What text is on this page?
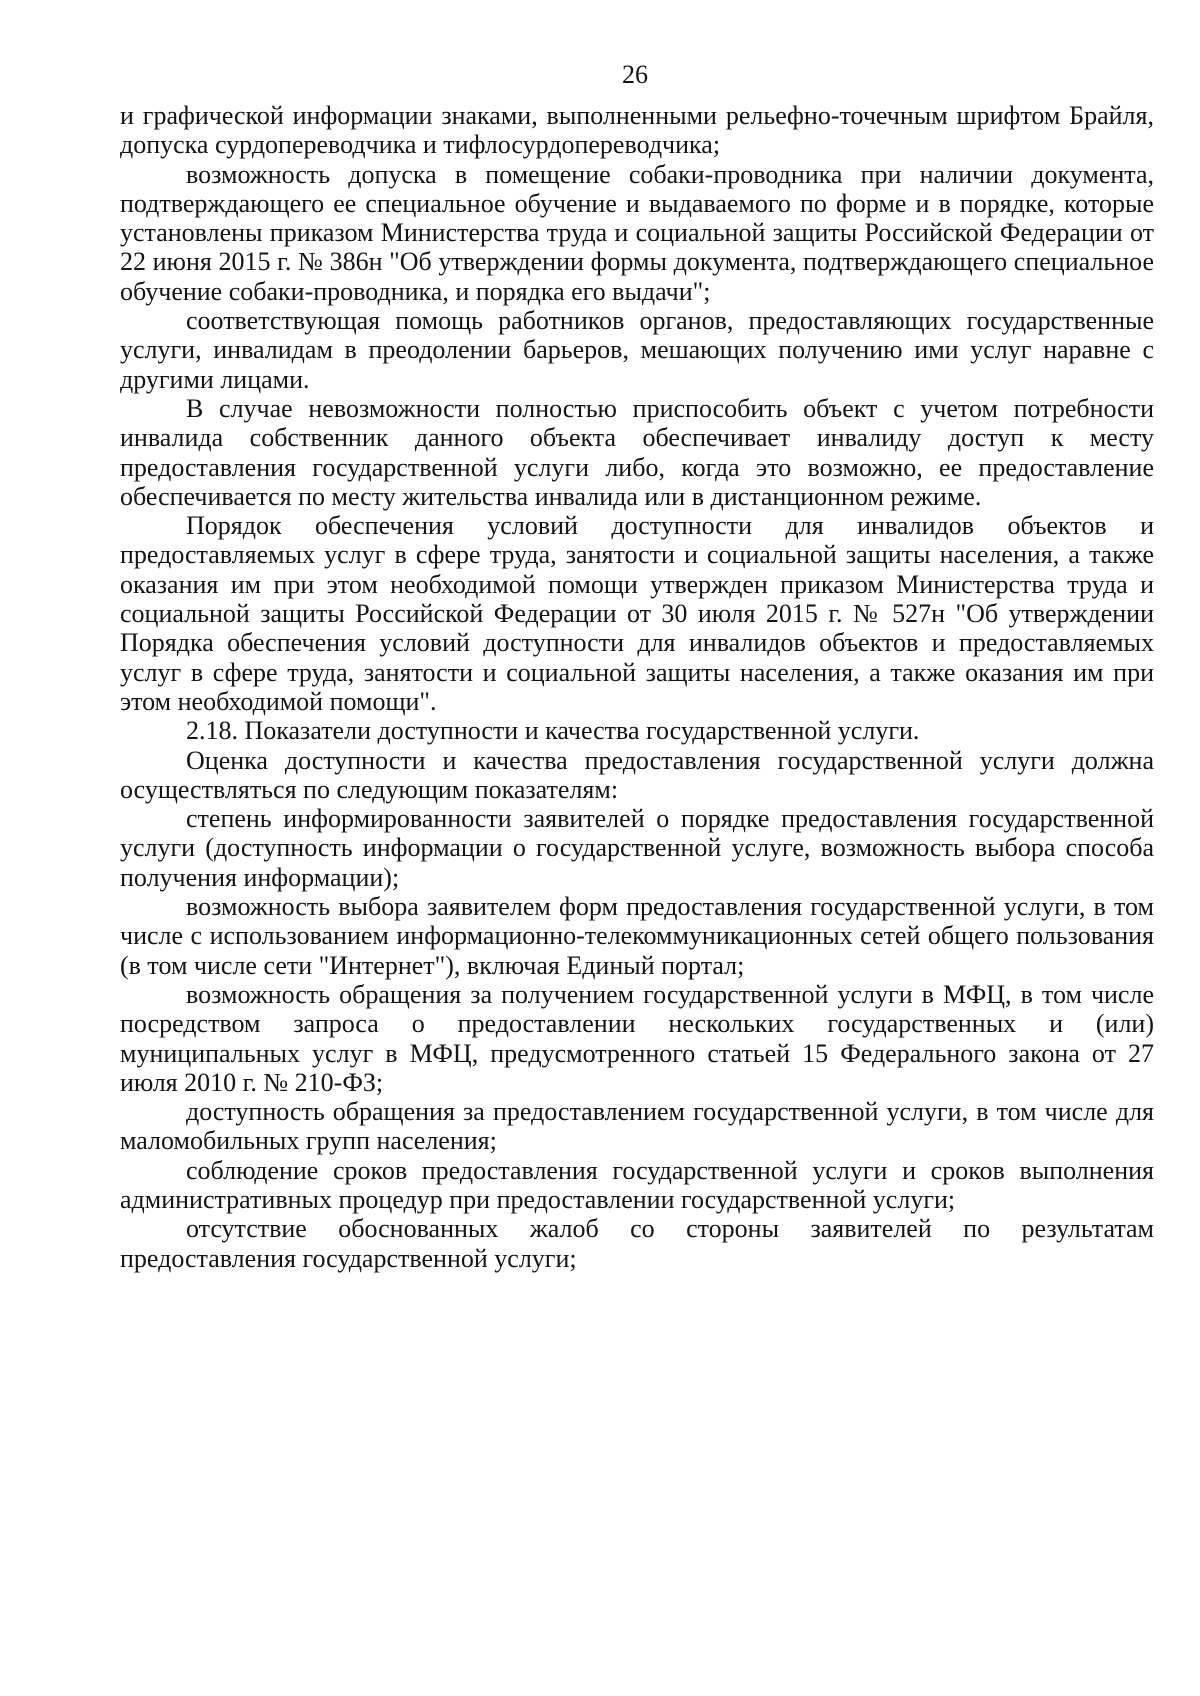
26

и графической информации знаками, выполненными рельефно-точечным шрифтом Брайля, допуска сурдопереводчика и тифлосурдопереводчика;

возможность допуска в помещение собаки-проводника при наличии документа, подтверждающего ее специальное обучение и выдаваемого по форме и в порядке, которые установлены приказом Министерства труда и социальной защиты Российской Федерации от 22 июня 2015 г. № 386н "Об утверждении формы документа, подтверждающего специальное обучение собаки-проводника, и порядка его выдачи";

соответствующая помощь работников органов, предоставляющих государственные услуги, инвалидам в преодолении барьеров, мешающих получению ими услуг наравне с другими лицами.

В случае невозможности полностью приспособить объект с учетом потребности инвалида собственник данного объекта обеспечивает инвалиду доступ к месту предоставления государственной услуги либо, когда это возможно, ее предоставление обеспечивается по месту жительства инвалида или в дистанционном режиме.

Порядок обеспечения условий доступности для инвалидов объектов и предоставляемых услуг в сфере труда, занятости и социальной защиты населения, а также оказания им при этом необходимой помощи утвержден приказом Министерства труда и социальной защиты Российской Федерации от 30 июля 2015 г. № 527н "Об утверждении Порядка обеспечения условий доступности для инвалидов объектов и предоставляемых услуг в сфере труда, занятости и социальной защиты населения, а также оказания им при этом необходимой помощи".

2.18. Показатели доступности и качества государственной услуги.

Оценка доступности и качества предоставления государственной услуги должна осуществляться по следующим показателям:

степень информированности заявителей о порядке предоставления государственной услуги (доступность информации о государственной услуге, возможность выбора способа получения информации);

возможность выбора заявителем форм предоставления государственной услуги, в том числе с использованием информационно-телекоммуникационных сетей общего пользования (в том числе сети "Интернет"), включая Единый портал;

возможность обращения за получением государственной услуги в МФЦ, в том числе посредством запроса о предоставлении нескольких государственных и (или) муниципальных услуг в МФЦ, предусмотренного статьей 15 Федерального закона от 27 июля 2010 г. № 210-ФЗ;

доступность обращения за предоставлением государственной услуги, в том числе для маломобильных групп населения;

соблюдение сроков предоставления государственной услуги и сроков выполнения административных процедур при предоставлении государственной услуги;

отсутствие обоснованных жалоб со стороны заявителей по результатам предоставления государственной услуги;
